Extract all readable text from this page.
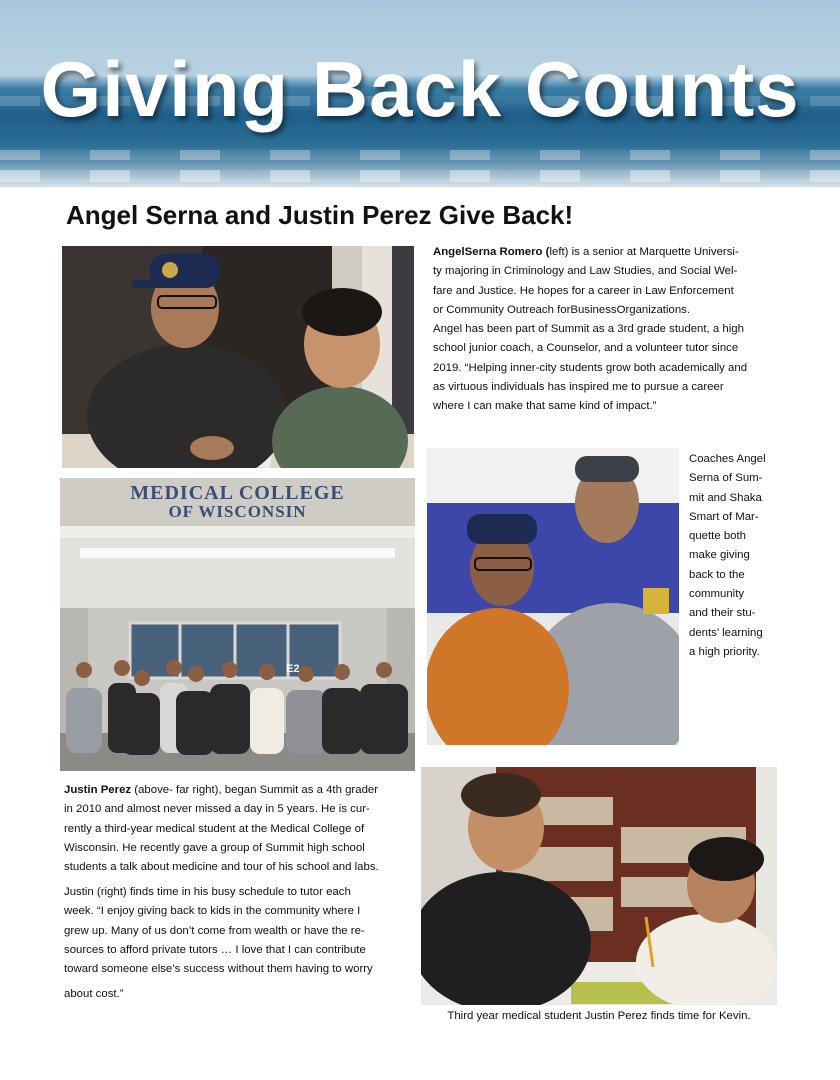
Giving Back Counts
Angel Serna and Justin Perez Give Back!
MEDICAL COLLEGE
OF WISCONSIN
E2
AngelSerna Romero (left) is a senior at Marquette Universi-
ty majoring in Criminology and Law Studies, and Social Wel-
fare and Justice. He hopes for a career in Law Enforcement
or Community Outreach forBusinessOrganizations.
Angel has been part of Summit as a 3rd grade student, a high
school junior coach, a Counselor, and a volunteer tutor since
2019. “Helping inner-city students grow both academically and
as virtuous individuals has inspired me to pursue a career
where I can make that same kind of impact.”
Coaches Angel
Serna of Sum-
mit and Shaka
Smart of Mar-
quette both
make giving
back to the
community
and their stu-
dents’ learning
a high priority.
Justin Perez (above- far right), began Summit as a 4th grader
in 2010 and almost never missed a day in 5 years. He is cur-
rently a third-year medical student at the Medical College of
Wisconsin. He recently gave a group of Summit high school
students a talk about medicine and tour of his school and labs.
Justin (right) finds time in his busy schedule to tutor each
week. “I enjoy giving back to kids in the community where I
grew up. Many of us don’t come from wealth or have the re-
sources to afford private tutors … I love that I can contribute
toward someone else’s success without them having to worry
about cost.”
Third year medical student Justin Perez finds time for Kevin.
